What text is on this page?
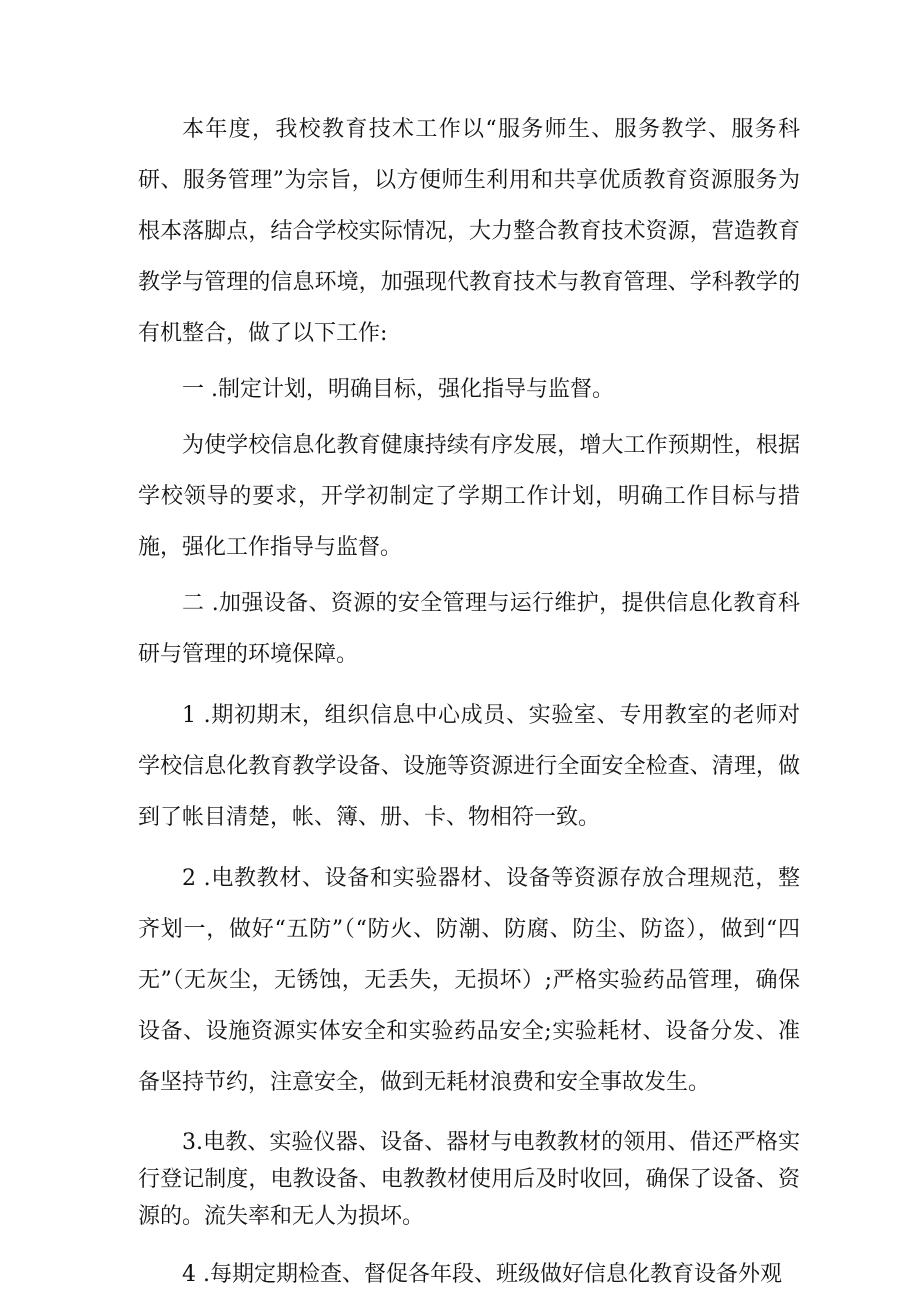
本年度，我校教育技术工作以“服务师生、服务教学、服务科研、服务管理”为宗旨，以方便师生利用和共享优质教育资源服务为根本落脚点，结合学校实际情况，大力整合教育技术资源，营造教育教学与管理的信息环境，加强现代教育技术与教育管理、学科教学的有机整合，做了以下工作:

一 .制定计划，明确目标，强化指导与监督。

为使学校信息化教育健康持续有序发展，增大工作预期性，根据学校领导的要求，开学初制定了学期工作计划，明确工作目标与措施，强化工作指导与监督。

二 .加强设备、资源的安全管理与运行维护，提供信息化教育科研与管理的环境保障。

1 .期初期末，组织信息中心成员、实验室、专用教室的老师对学校信息化教育教学设备、设施等资源进行全面安全检查、清理，做到了帐目清楚，帐、簿、册、卡、物相符一致。

2 .电教教材、设备和实验器材、设备等资源存放合理规范，整齐划一，做好“五防”（“防火、防潮、防腐、防尘、防盗），做到“四无”（无灰尘，无锈蚀，无丢失，无损坏）;严格实验药品管理，确保设备、设施资源实体安全和实验药品安全;实验耗材、设备分发、准备坚持节约，注意安全，做到无耗材浪费和安全事故发生。

3.电教、实验仪器、设备、器材与电教教材的领用、借还严格实行登记制度，电教设备、电教教材使用后及时收回，确保了设备、资源的。流失率和无人为损坏。

4 .每期定期检查、督促各年段、班级做好信息化教育设备外观
